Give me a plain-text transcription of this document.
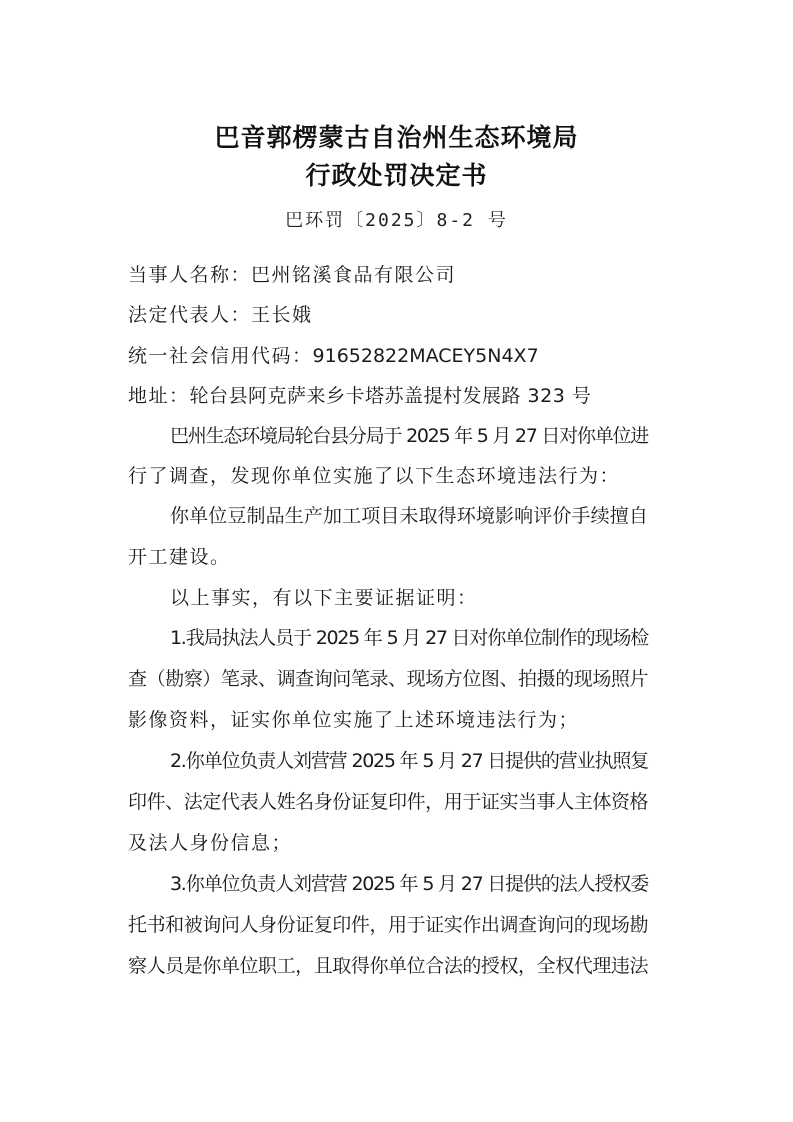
巴音郭楞蒙古自治州生态环境局
行政处罚决定书
巴环罚〔2025〕8-2 号
当事人名称：巴州铭溪食品有限公司
法定代表人：王长娥
统一社会信用代码：91652822MACEY5N4X7
地址：轮台县阿克萨来乡卡塔苏盖提村发展路 323 号
巴州生态环境局轮台县分局于 2025 年 5 月 27 日对你单位进
行了调查，发现你单位实施了以下生态环境违法行为：
你单位豆制品生产加工项目未取得环境影响评价手续擅自
开工建设。
以上事实，有以下主要证据证明：
1.我局执法人员于 2025 年 5 月 27 日对你单位制作的现场检
查（勘察）笔录、调查询问笔录、现场方位图、拍摄的现场照片
影像资料，证实你单位实施了上述环境违法行为；
2.你单位负责人刘营营 2025 年 5 月 27 日提供的营业执照复
印件、法定代表人姓名身份证复印件，用于证实当事人主体资格
及法人身份信息；
3.你单位负责人刘营营 2025 年 5 月 27 日提供的法人授权委
托书和被询问人身份证复印件，用于证实作出调查询问的现场勘
察人员是你单位职工，且取得你单位合法的授权，全权代理违法
